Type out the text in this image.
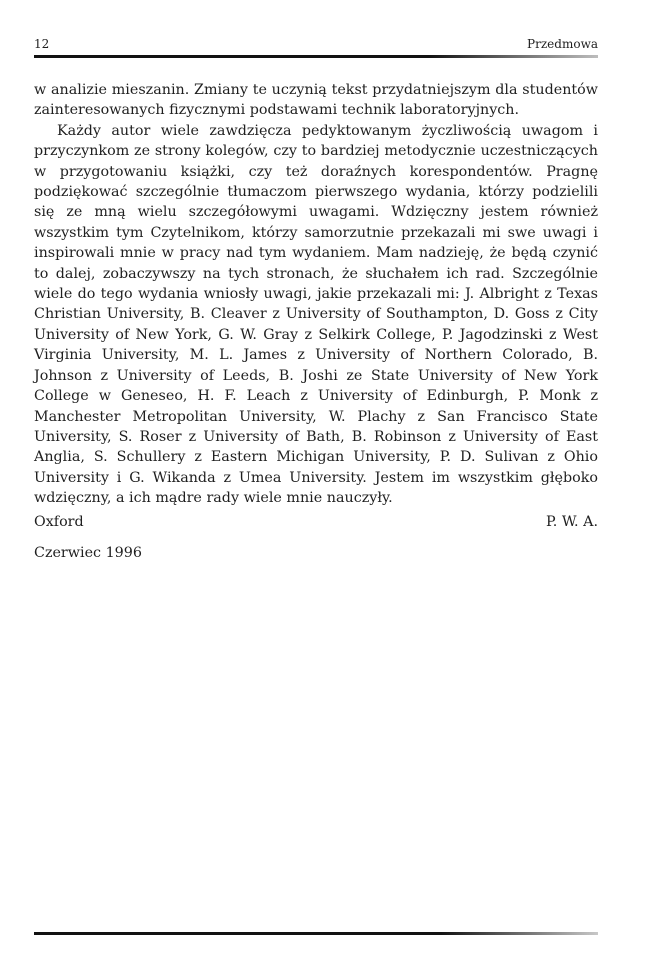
12	Przedmowa

w analizie mieszanin. Zmiany te uczynią tekst przydatniejszym dla studentów zainteresowanych fizycznymi podstawami technik laboratoryjnych.

Każdy autor wiele zawdzięcza pedyktowanym życzliwością uwagom i przyczynkom ze strony kolegów, czy to bardziej metodycznie uczestniczących w przygotowaniu książki, czy też doraźnych korespondentów. Pragnę podziękować szczególnie tłumaczom pierwszego wydania, którzy podzielili się ze mną wielu szczegółowymi uwagami. Wdzięczny jestem również wszystkim tym Czytelnikom, którzy samorzutnie przekazali mi swe uwagi i inspirowali mnie w pracy nad tym wydaniem. Mam nadzieję, że będą czynić to dalej, zobaczywszy na tych stronach, że słuchałem ich rad. Szczególnie wiele do tego wydania wniosły uwagi, jakie przekazali mi: J. Albright z Texas Christian University, B. Cleaver z University of Southampton, D. Goss z City University of New York, G. W. Gray z Selkirk College, P. Jagodzinski z West Virginia University, M. L. James z University of Northern Colorado, B. Johnson z University of Leeds, B. Joshi ze State University of New York College w Geneseo, H. F. Leach z University of Edinburgh, P. Monk z Manchester Metropolitan University, W. Plachy z San Francisco State University, S. Roser z University of Bath, B. Robinson z University of East Anglia, S. Schullery z Eastern Michigan University, P. D. Sulivan z Ohio University i G. Wikanda z Umea University. Jestem im wszystkim głęboko wdzięczny, a ich mądre rady wiele mnie nauczyły.

Oxford	P. W. A.
Czerwiec 1996
